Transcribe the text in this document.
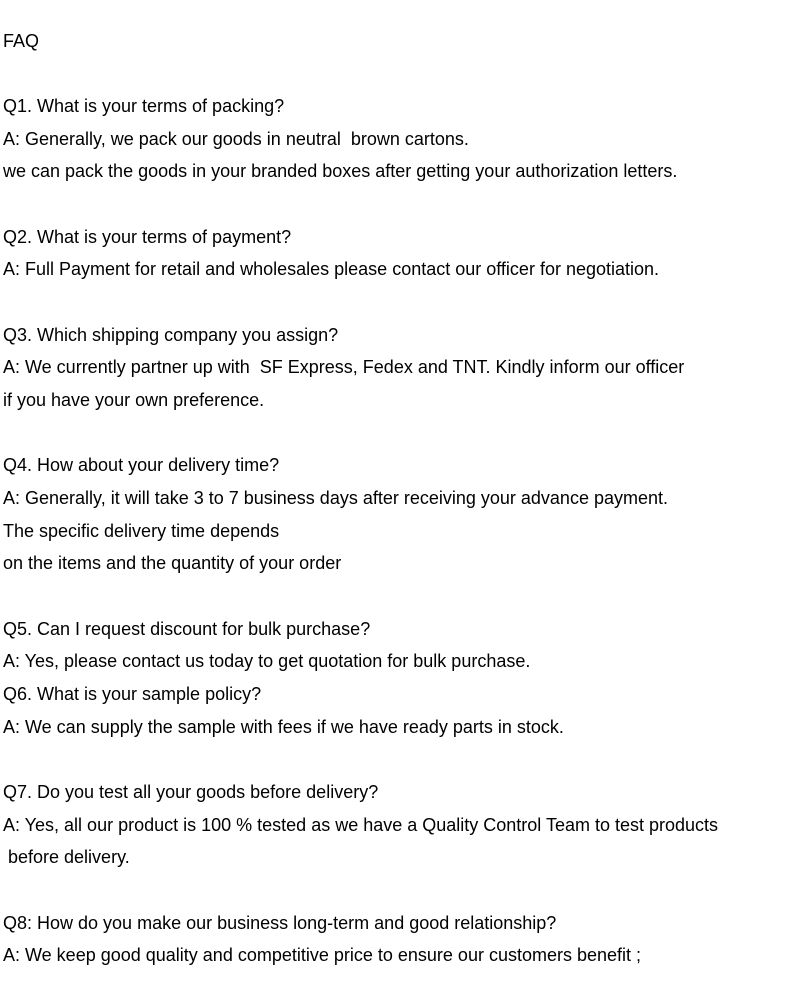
FAQ
Q1. What is your terms of packing?
A: Generally, we pack our goods in neutral  brown cartons.
we can pack the goods in your branded boxes after getting your authorization letters.
Q2. What is your terms of payment?
A: Full Payment for retail and wholesales please contact our officer for negotiation.
Q3. Which shipping company you assign?
A: We currently partner up with  SF Express, Fedex and TNT. Kindly inform our officer
if you have your own preference.
Q4. How about your delivery time?
A: Generally, it will take 3 to 7 business days after receiving your advance payment.
The specific delivery time depends
on the items and the quantity of your order
Q5. Can I request discount for bulk purchase?
A: Yes, please contact us today to get quotation for bulk purchase.
Q6. What is your sample policy?
A: We can supply the sample with fees if we have ready parts in stock.
Q7. Do you test all your goods before delivery?
A: Yes, all our product is 100 % tested as we have a Quality Control Team to test products
before delivery.
Q8: How do you make our business long-term and good relationship?
A: We keep good quality and competitive price to ensure our customers benefit ;
